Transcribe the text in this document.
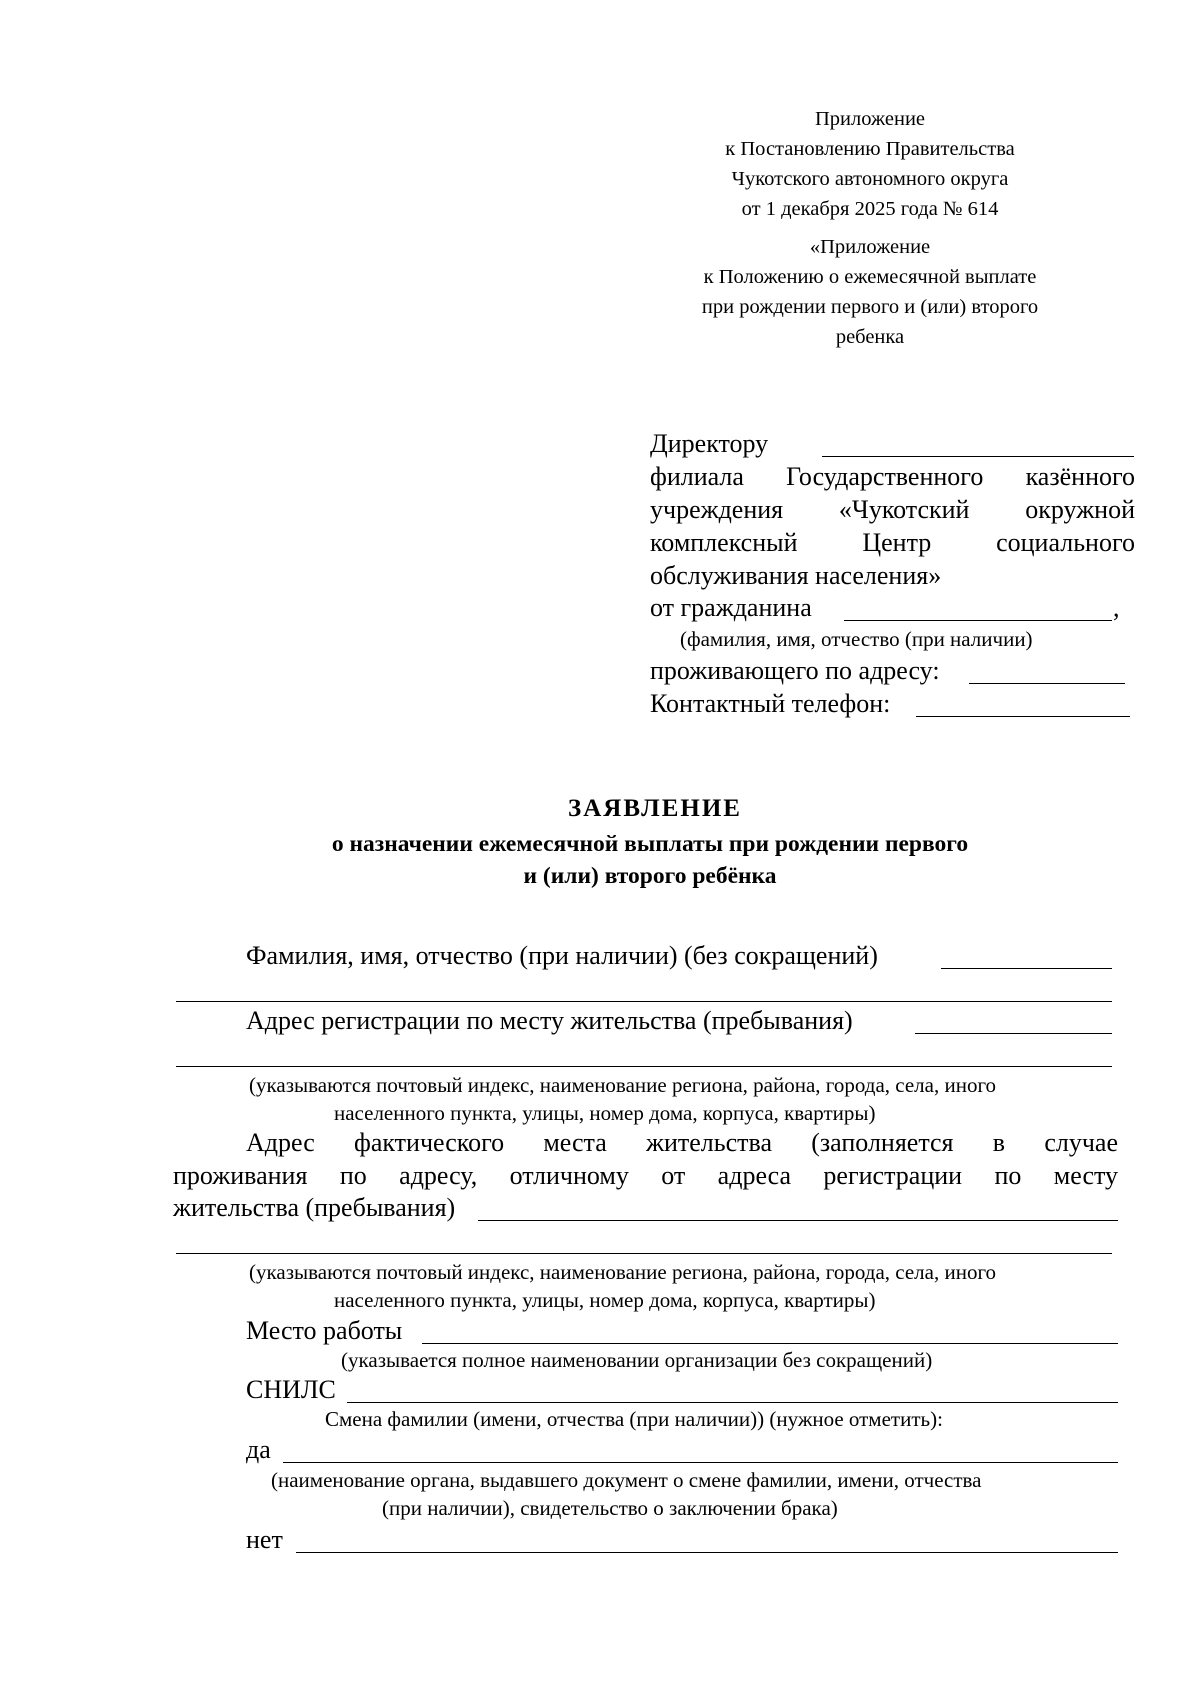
Приложение
к Постановлению Правительства
Чукотского автономного округа
от 1 декабря 2025 года № 614
«Приложение
к Положению о ежемесячной выплате
при рождении первого и (или) второго
ребенка
Директору
филиала Государственного казённого
учреждения «Чукотский окружной
комплексный Центр социального
обслуживания населения»
от гражданина	,
(фамилия, имя, отчество (при наличии)
проживающего по адресу:
Контактный телефон:
ЗАЯВЛЕНИЕ
о назначении ежемесячной выплаты при рождении первого
и (или) второго ребёнка
Фамилия, имя, отчество (при наличии) (без сокращений)
Адрес регистрации по месту жительства (пребывания)
(указываются почтовый индекс, наименование региона, района, города, села, иного
населенного пункта, улицы, номер дома, корпуса, квартиры)
Адрес фактического места жительства (заполняется в случае
проживания по адресу, отличному от адреса регистрации по месту
жительства (пребывания)
(указываются почтовый индекс, наименование региона, района, города, села, иного
населенного пункта, улицы, номер дома, корпуса, квартиры)
Место работы
(указывается полное наименовании организации без сокращений)
СНИЛС
Смена фамилии (имени, отчества (при наличии)) (нужное отметить):
да
(наименование органа, выдавшего документ о смене фамилии, имени, отчества
(при наличии), свидетельство о заключении брака)
нет
